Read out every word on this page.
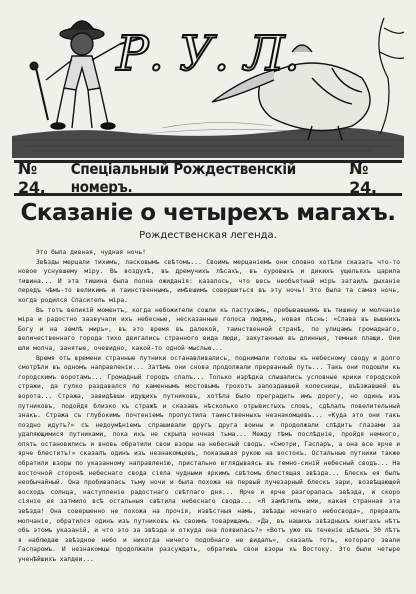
Р. У. Л.
№ 24.
Спеціальный Рождественскій номеръ.
№ 24.
Сказаніе о четырехъ магахъ.
Рождественская легенда.

Это была дивная, чудная ночь!

Звѣзды мерцали тихимъ, ласковымъ свѣтомъ... Своимъ мерцаніемъ они словно хотѣли сказать что-то новое уснувшему міру. Въ воздухѣ, въ дремучихъ лѣсахъ, въ суровыхъ и дикихъ ущельяхъ царила тишина... И эта тишина была полна ожиданія: казалось, что весь необъятный міръ затаилъ дыханіе передъ чѣмъ-то великимъ и таинственнымъ, имѣвшимъ совершиться въ эту ночь! Это была та самая ночь, когда родился Спаситель міра.

Въ тотъ великій моментъ, когда небожители сошли къ пастухамъ, пребывавшимъ въ тишину и молчаніе міра и радостно зазвучали ихъ небесные, несказанные голоса людямъ, новая пѣснь: «Слава въ вышнихъ Богу и на землѣ миръ», въ это время въ далекой, таинственной странѣ, по улицамъ громаднаго, величественнаго города тихо двигались странного вида люди, закутанные въ длинныя, темныя плащи. Они шли молча, занятые, очевидно, какой-то одной мыслью...

Время отъ времени странные путники останавливались, поднимали головы къ небесному своду и долго смотрѣли въ одномъ направленіи... Затѣмъ они снова продолжали прерванный путь... Такъ они подошли къ городскимъ воротамъ... Громадный городъ спалъ... Только изрѣдка слышались условные крики городской стражи, да гулко раздавался по каменнымъ мостовымъ грохотъ запоздавшей колесницы, въѣзжавшей въ ворота... Стража, завидѣвши идущихъ путниковъ, хотѣла было преградить имъ дорогу, но одинъ изъ путниковъ, подойдя близко къ стражѣ и сказавъ нѣсколько отрывистыхъ словъ, сдѣлалъ повелительный знакъ. Стража съ глубокимъ почтеніемъ пропустила таинственныхъ незнакомцевъ... «Куда это они такъ поздно идутъ?» съ недоумѣніемъ спрашивали другъ друга воины и продолжали слѣдить глазами за удаляющимися путниками, пока ихъ не скрыла ночная тьма... Между тѣмъ послѣдніе, пройдя немного, опять остановились и вновь обратили свои взоры на небесный сводъ. «Смотри, Гаспаръ, а она все ярче и ярче блеститъ!» сказалъ одинъ изъ незнакомцевъ, показывая рукою на востокъ. Остальные путники также обратили взоры по указанному направленію, пристально вглядываясь въ темно-синій небесный сводъ... На восточной сторонѣ небеснаго свода сіяла чудными яркимъ свѣтомъ блестящая звѣзда... Блескъ ея былъ необычайный. Она пробивалась тьму ночи и была похожа на первый лучезарный блескъ зари, возвѣщающей восходъ солнца, наступленіе радостнаго свѣтлаго дня... Ярче и ярче разгоралась звѣзда, и скоро сіяніе ея затмило всѣ остальныя свѣтила небеснаго свода... «Я замѣтилъ ими, какая странная эта звѣзда! Она совершенно не похожа на прочія, извѣстныя намъ, звѣзды ночнаго небосвода», прервалъ молчаніе, обратился одинъ изъ путниковъ къ своимъ товарищамъ. «Да, въ нашихъ звѣздныхъ книгахъ нѣтъ объ этомъ указаній, и что это за звѣзда и откуда она появилась?» «Вотъ уже въ теченіе цѣлыхъ 30 лѣтъ я наблюдаю звѣздное небо и никогда ничего подобнаго не видалъ», сказалъ тотъ, котораго звали Гаспаромъ. И незнакомцы продолжали разсуждать, обративъ свои взоры къ Востоку. Это были четыре ученѣйшихъ халдеи...
